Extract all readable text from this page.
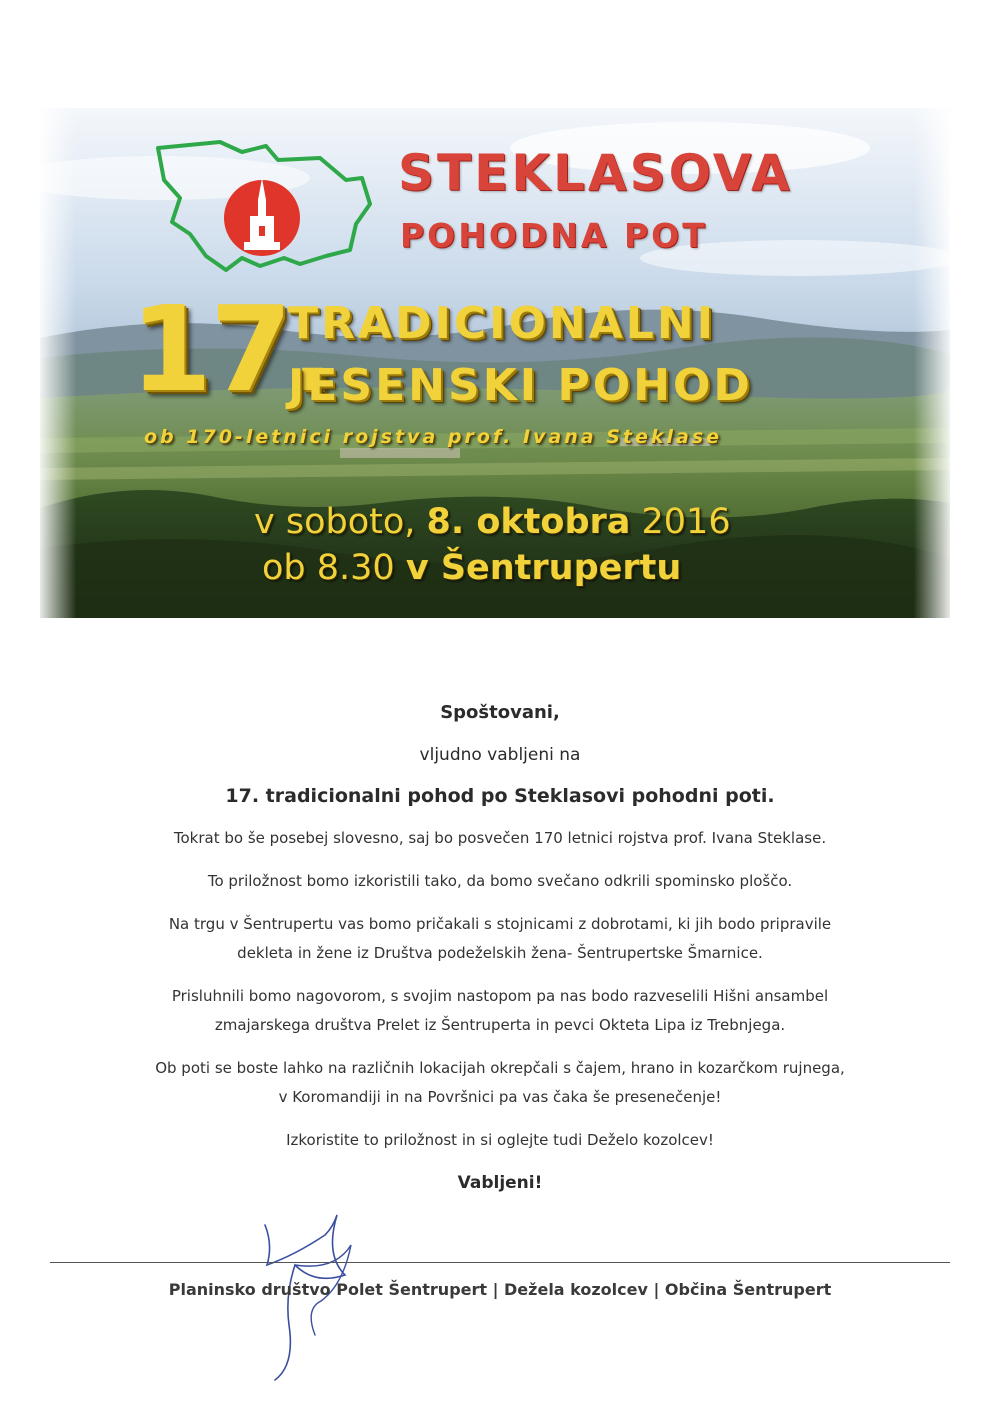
STEKLASOVA
POHODNA POT
17.
TRADICIONALNI
JESENSKI POHOD
ob 170-letnici rojstva prof. Ivana Steklase
v soboto, 8. oktobra 2016
ob 8.30 v Šentrupertu

Spoštovani,

vljudno vabljeni na

17. tradicionalni pohod po Steklasovi pohodni poti.

Tokrat bo še posebej slovesno, saj bo posvečen 170 letnici rojstva prof. Ivana Steklase.

To priložnost bomo izkoristili tako, da bomo svečano odkrili spominsko ploščo.

Na trgu v Šentrupertu vas bomo pričakali s stojnicami z dobrotami, ki jih bodo pripravile
dekleta in žene iz Društva podeželskih žena- Šentrupertske Šmarnice.

Prisluhnili bomo nagovorom, s svojim nastopom pa nas bodo razveselili Hišni ansambel
zmajarskega društva Prelet iz Šentruperta in pevci Okteta Lipa iz Trebnjega.

Ob poti se boste lahko na različnih lokacijah okrepčali s čajem, hrano in kozarčkom rujnega,
v Koromandiji in na Površnici pa vas čaka še presenečenje!

Izkoristite to priložnost in si oglejte tudi Deželo kozolcev!

Vabljeni!

Planinsko društvo Polet Šentrupert | Dežela kozolcev | Občina Šentrupert
